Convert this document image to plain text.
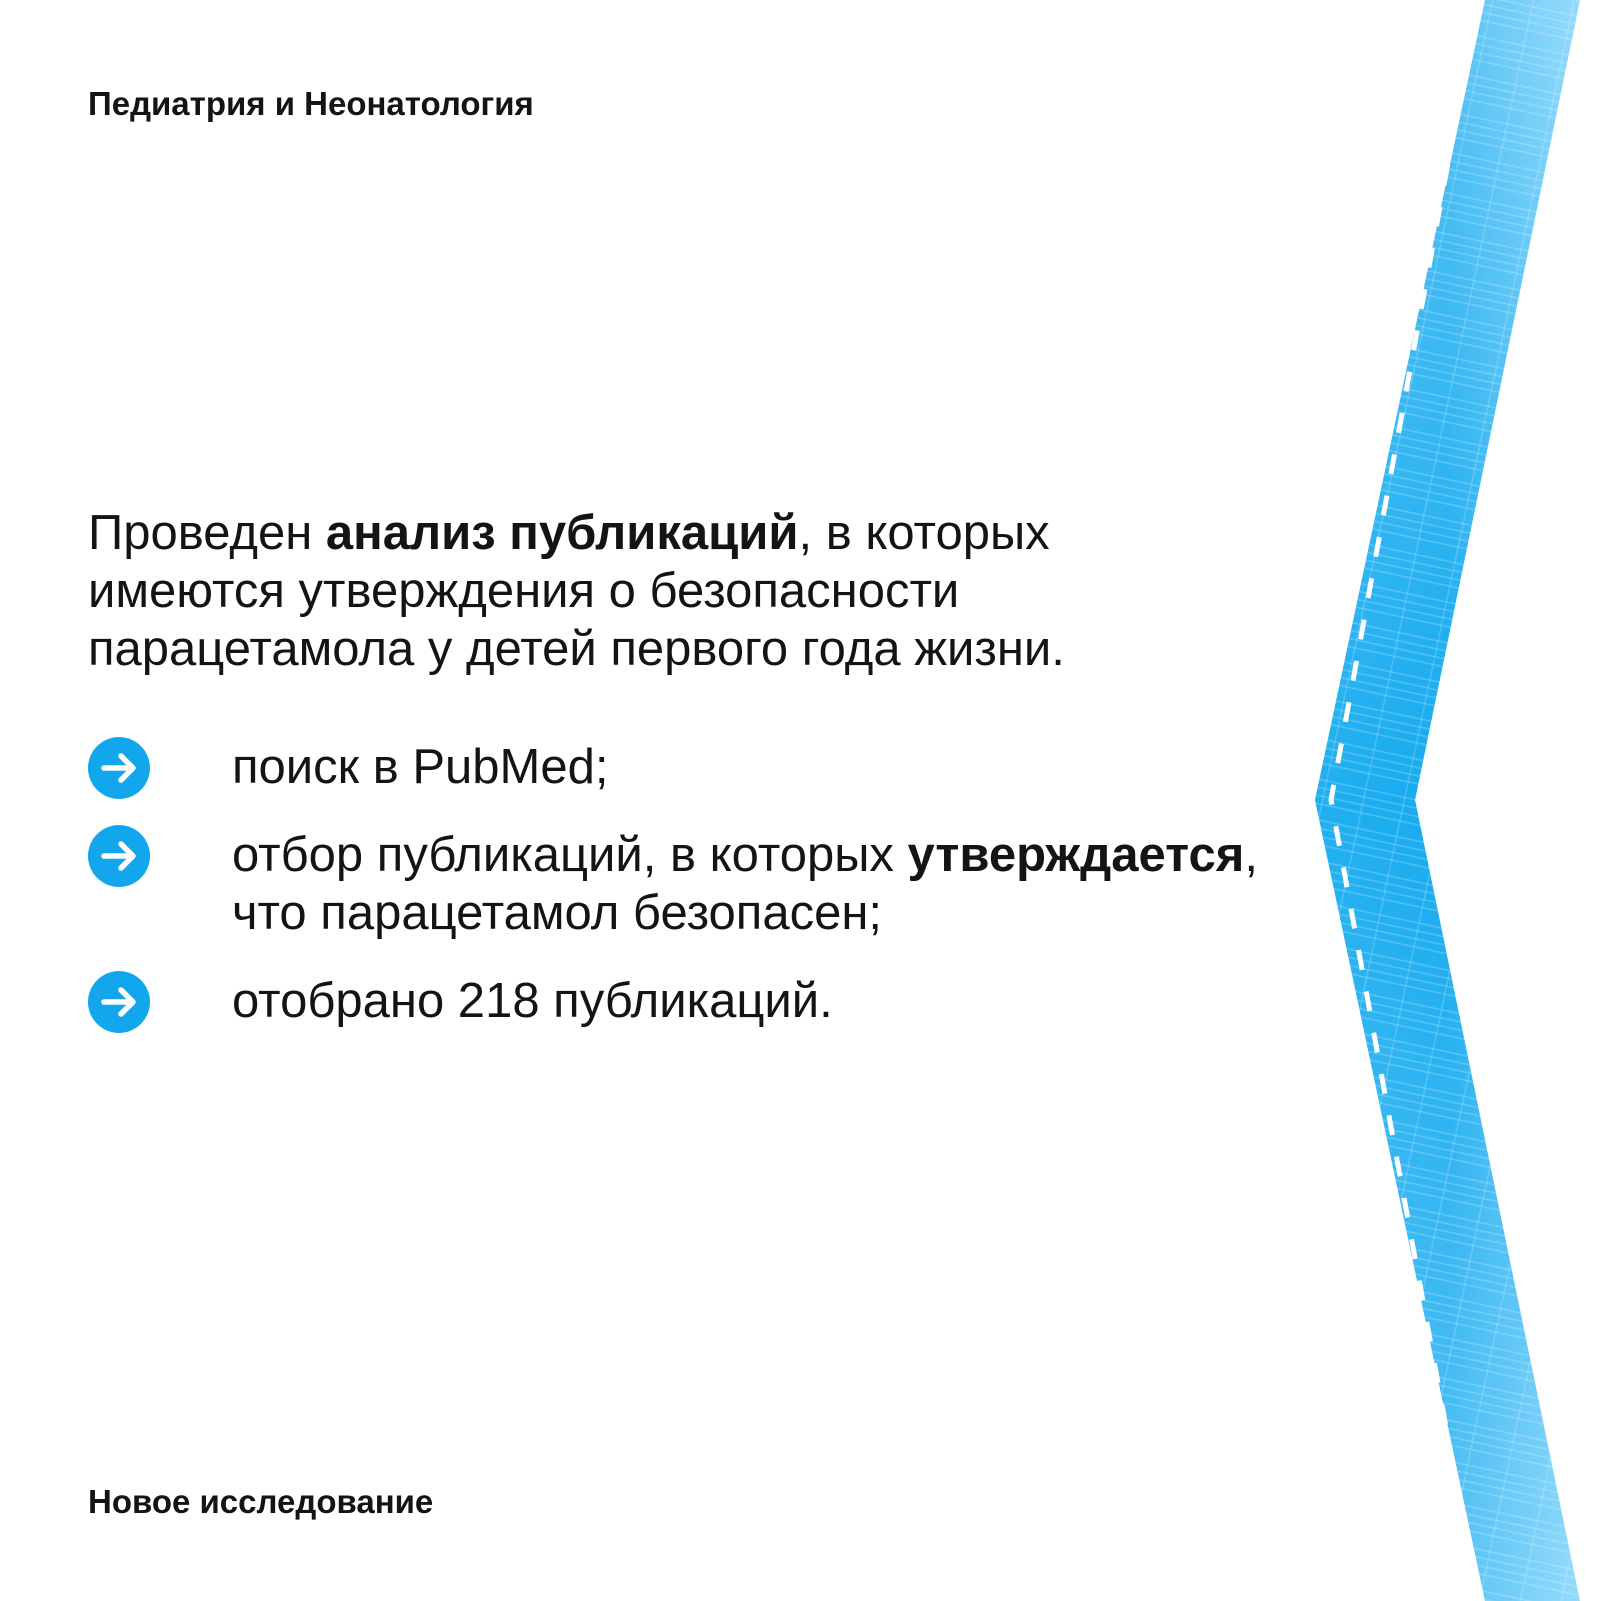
Педиатрия и Неонатология

Проведен анализ публикаций, в которых имеются утверждения о безопасности парацетамола у детей первого года жизни.

поиск в PubMed;
отбор публикаций, в которых утверждается, что парацетамол безопасен;
отобрано 218 публикаций.
Новое исследование
